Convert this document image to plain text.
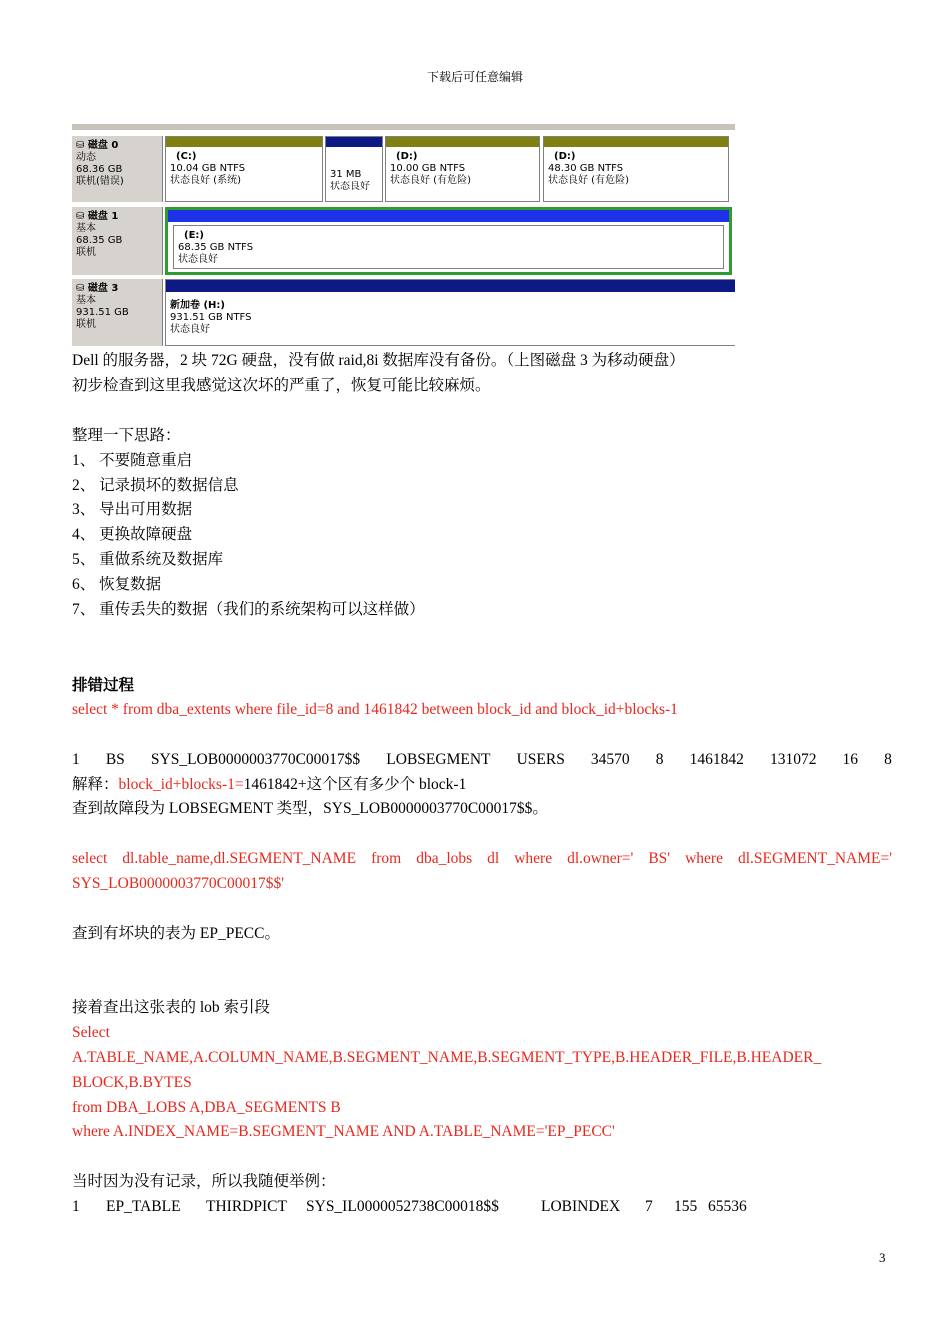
下载后可任意编辑
⛁ 磁盘 0
动态
68.36 GB
联机(错误)
(C:)
10.04 GB NTFS
状态良好 (系统)
31 MB
状态良好
(D:)
10.00 GB NTFS
状态良好 (有危险)
(D:)
48.30 GB NTFS
状态良好 (有危险)
⛁ 磁盘 1
基本
68.35 GB
联机
(E:)
68.35 GB NTFS
状态良好
⛁ 磁盘 3
基本
931.51 GB
联机
新加卷 (H:)
931.51 GB NTFS
状态良好
Dell 的服务器，2 块 72G 硬盘，没有做 raid,8i 数据库没有备份。（上图磁盘 3 为移动硬盘）
初步检查到这里我感觉这次坏的严重了，恢复可能比较麻烦。
整理一下思路：
1、 不要随意重启
2、 记录损坏的数据信息
3、 导出可用数据
4、 更换故障硬盘
5、 重做系统及数据库
6、 恢复数据
7、 重传丢失的数据（我们的系统架构可以这样做）
排错过程
select * from dba_extents where file_id=8 and 1461842 between block_id and block_id+blocks-1
1 BS SYS_LOB0000003770C00017$$ LOBSEGMENT USERS 34570 8 1461842 131072 16 8
解释：block_id+blocks-1=1461842+这个区有多少个 block-1
查到故障段为 LOBSEGMENT 类型，SYS_LOB0000003770C00017$$。
select dl.table_name,dl.SEGMENT_NAME from dba_lobs dl where dl.owner=' BS' where dl.SEGMENT_NAME='
SYS_LOB0000003770C00017$$'
查到有坏块的表为 EP_PECC。
接着查出这张表的 lob 索引段
Select
A.TABLE_NAME,A.COLUMN_NAME,B.SEGMENT_NAME,B.SEGMENT_TYPE,B.HEADER_FILE,B.HEADER_
BLOCK,B.BYTES
from DBA_LOBS A,DBA_SEGMENTS B
where A.INDEX_NAME=B.SEGMENT_NAME AND A.TABLE_NAME='EP_PECC'
当时因为没有记录，所以我随便举例：
1 EP_TABLE THIRDPICT SYS_IL0000052738C00018$$	LOBINDEX 7 155 65536
3
